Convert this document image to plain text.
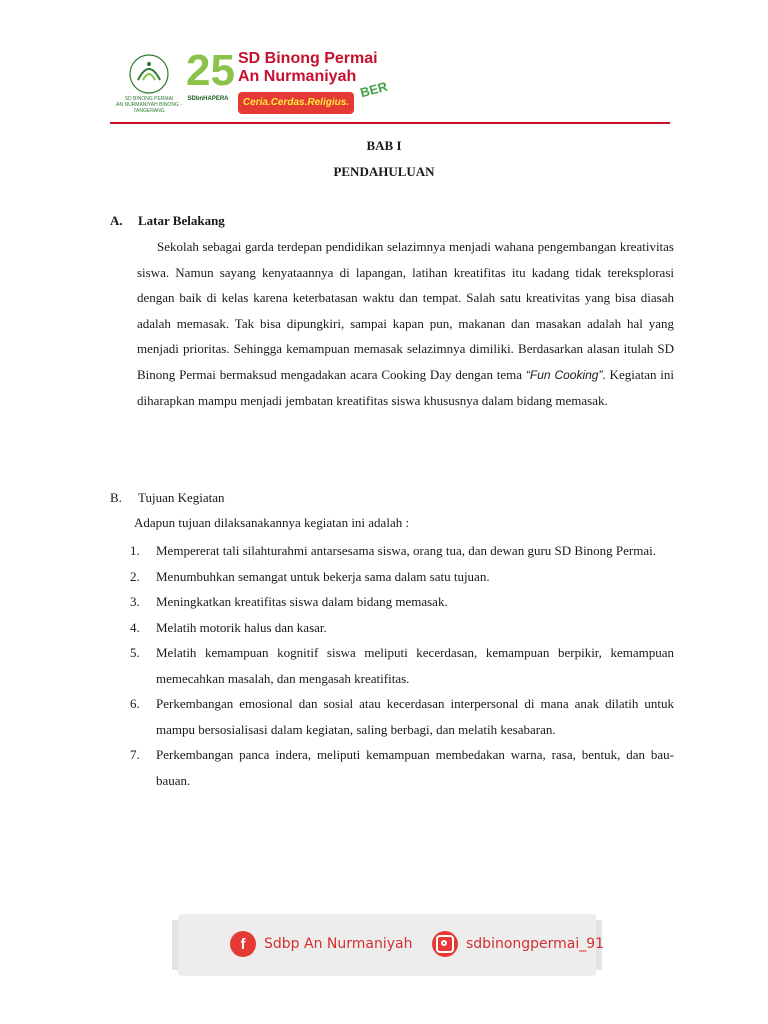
SD BINONG PERMAI
AN NURMANIYAH BINONG - TANGERANG
25
SDbnHAPERA
SD Binong Permai
An Nurmaniyah
Ceria.Cerdas.Religius.
BER
BAB I
PENDAHULUAN
A. Latar Belakang
Sekolah sebagai garda terdepan pendidikan selazimnya menjadi wahana pengembangan kreativitas siswa. Namun sayang kenyataannya di lapangan, latihan kreatifitas itu kadang tidak tereksplorasi dengan baik di kelas karena keterbatasan waktu dan tempat. Salah satu kreativitas yang bisa diasah adalah memasak. Tak bisa dipungkiri, sampai kapan pun, makanan dan masakan adalah hal yang menjadi prioritas. Sehingga kemampuan memasak selazimnya dimiliki. Berdasarkan alasan itulah SD Binong Permai bermaksud mengadakan acara Cooking Day dengan tema “Fun Cooking”. Kegiatan ini diharapkan mampu menjadi jembatan kreatifitas siswa khususnya dalam bidang memasak.
B. Tujuan Kegiatan
Adapun tujuan dilaksanakannya kegiatan ini adalah :
1. Mempererat tali silahturahmi antarsesama siswa, orang tua, dan dewan guru SD Binong Permai.
2. Menumbuhkan semangat untuk bekerja sama dalam satu tujuan.
3. Meningkatkan kreatifitas siswa dalam bidang memasak.
4. Melatih motorik halus dan kasar.
5. Melatih kemampuan kognitif siswa meliputi kecerdasan, kemampuan berpikir, kemampuan memecahkan masalah, dan mengasah kreatifitas.
6. Perkembangan emosional dan sosial atau kecerdasan interpersonal di mana anak dilatih untuk mampu bersosialisasi dalam kegiatan, saling berbagi, dan melatih kesabaran.
7. Perkembangan panca indera, meliputi kemampuan membedakan warna, rasa, bentuk, dan bau-bauan.
f	Sdbp An Nurmaniyah	sdbinongpermai_91
